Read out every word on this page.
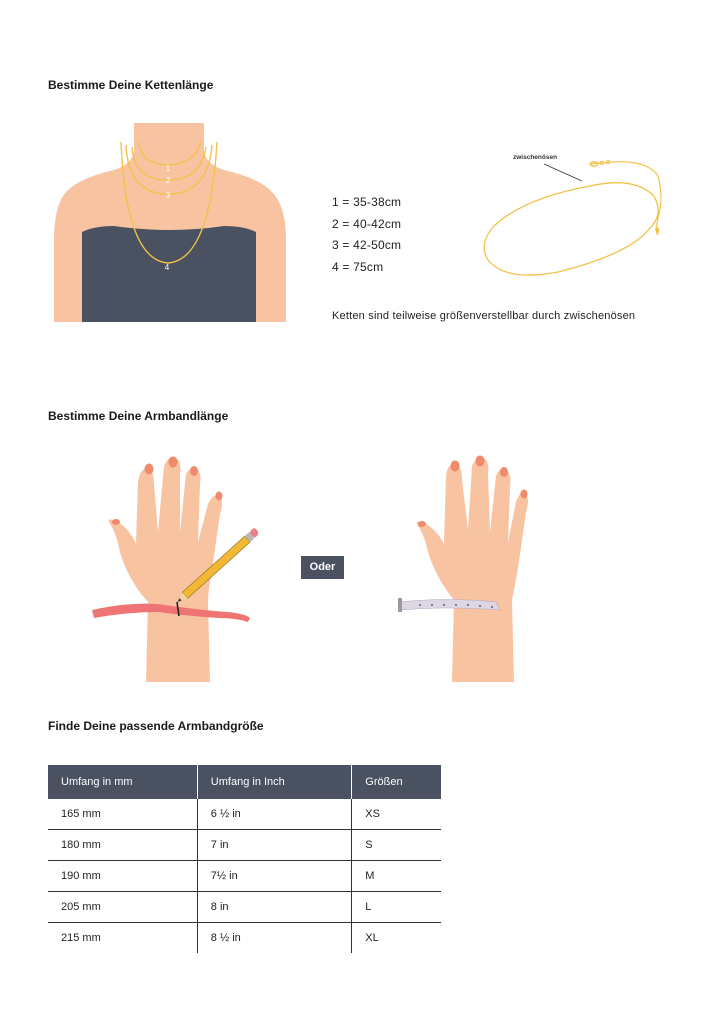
Bestimme Deine Kettenlänge
1
2
3
4
1 = 35-38cm
2 = 40-42cm
3 = 42-50cm
4 = 75cm
zwischenösen
Ketten sind teilweise größenverstellbar durch zwischenösen
Bestimme Deine Armbandlänge
Oder
Finde Deine passende Armbandgröße
Umfang in mm	Umfang in Inch	Größen
165 mm	6 ½ in	XS
180 mm	7 in	S
190 mm	7½ in	M
205 mm	8 in	L
215 mm	8 ½ in	XL
